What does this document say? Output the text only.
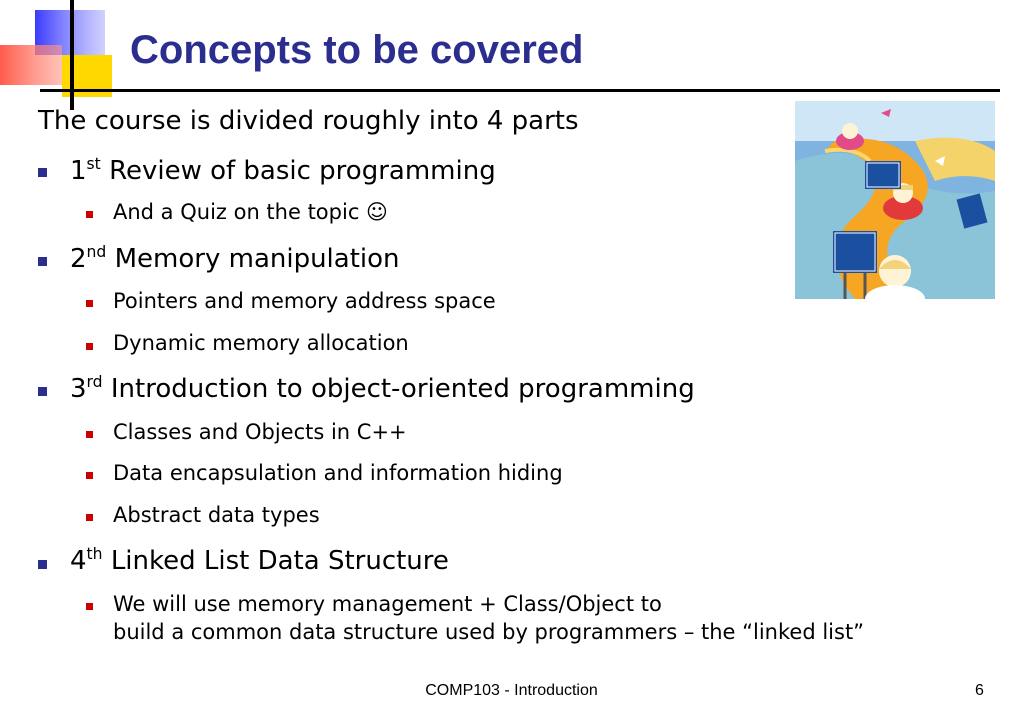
Concepts to be covered
The course is divided roughly into 4 parts
1st Review of basic programming
And a Quiz on the topic ☺
2nd Memory manipulation
Pointers and memory address space
Dynamic memory allocation
3rd Introduction to object-oriented programming
Classes and Objects in C++
Data encapsulation and information hiding
Abstract data types
4th Linked List Data Structure
We will use memory management + Class/Object to
build a common data structure used by programmers – the “linked list”
COMP103 - Introduction	6
